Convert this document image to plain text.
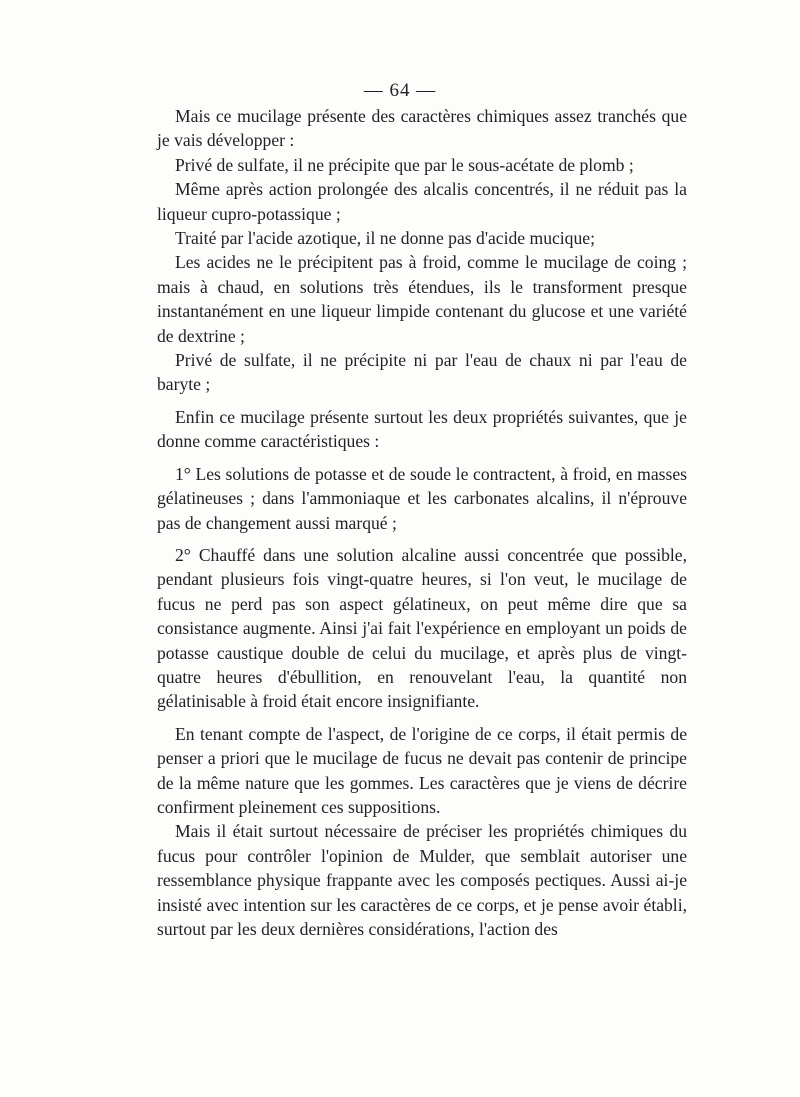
— 64 —

Mais ce mucilage présente des caractères chimiques assez tranchés que je vais développer :

Privé de sulfate, il ne précipite que par le sous-acétate de plomb ;

Même après action prolongée des alcalis concentrés, il ne réduit pas la liqueur cupro-potassique ;

Traité par l'acide azotique, il ne donne pas d'acide mucique;

Les acides ne le précipitent pas à froid, comme le mucilage de coing ; mais à chaud, en solutions très étendues, ils le transforment presque instantanément en une liqueur limpide contenant du glucose et une variété de dextrine ;

Privé de sulfate, il ne précipite ni par l'eau de chaux ni par l'eau de baryte ;

Enfin ce mucilage présente surtout les deux propriétés suivantes, que je donne comme caractéristiques :

1° Les solutions de potasse et de soude le contractent, à froid, en masses gélatineuses ; dans l'ammoniaque et les carbonates alcalins, il n'éprouve pas de changement aussi marqué ;

2° Chauffé dans une solution alcaline aussi concentrée que possible, pendant plusieurs fois vingt-quatre heures, si l'on veut, le mucilage de fucus ne perd pas son aspect gélatineux, on peut même dire que sa consistance augmente. Ainsi j'ai fait l'expérience en employant un poids de potasse caustique double de celui du mucilage, et après plus de vingt-quatre heures d'ébullition, en renouvelant l'eau, la quantité non gélatinisable à froid était encore insignifiante.

En tenant compte de l'aspect, de l'origine de ce corps, il était permis de penser a priori que le mucilage de fucus ne devait pas contenir de principe de la même nature que les gommes. Les caractères que je viens de décrire confirment pleinement ces suppositions.

Mais il était surtout nécessaire de préciser les propriétés chimiques du fucus pour contrôler l'opinion de Mulder, que semblait autoriser une ressemblance physique frappante avec les composés pectiques. Aussi ai-je insisté avec intention sur les caractères de ce corps, et je pense avoir établi, surtout par les deux dernières considérations, l'action des
